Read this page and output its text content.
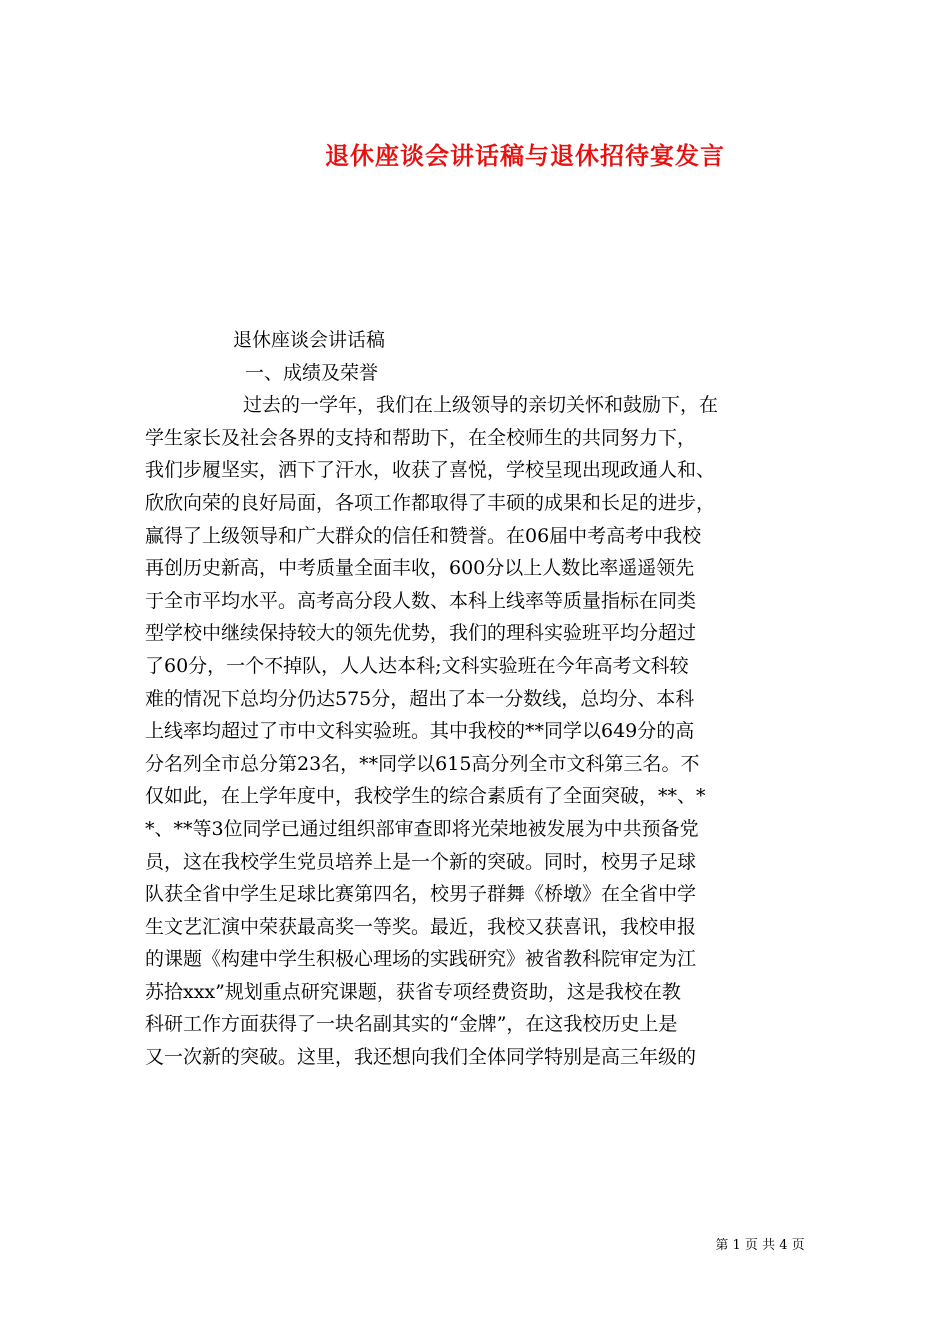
退休座谈会讲话稿与退休招待宴发言
退休座谈会讲话稿
一、成绩及荣誉
过去的一学年，我们在上级领导的亲切关怀和鼓励下，在
学生家长及社会各界的支持和帮助下，在全校师生的共同努力下，
我们步履坚实，洒下了汗水，收获了喜悦，学校呈现出现政通人和、
欣欣向荣的良好局面，各项工作都取得了丰硕的成果和长足的进步，
赢得了上级领导和广大群众的信任和赞誉。在06届中考高考中我校
再创历史新高，中考质量全面丰收，600分以上人数比率遥遥领先
于全市平均水平。高考高分段人数、本科上线率等质量指标在同类
型学校中继续保持较大的领先优势，我们的理科实验班平均分超过
了60分，一个不掉队，人人达本科;文科实验班在今年高考文科较
难的情况下总均分仍达575分，超出了本一分数线，总均分、本科
上线率均超过了市中文科实验班。其中我校的**同学以649分的高
分名列全市总分第23名，**同学以615高分列全市文科第三名。不
仅如此，在上学年度中，我校学生的综合素质有了全面突破，**、*
*、**等3位同学已通过组织部审查即将光荣地被发展为中共预备党
员，这在我校学生党员培养上是一个新的突破。同时，校男子足球
队获全省中学生足球比赛第四名，校男子群舞《桥墩》在全省中学
生文艺汇演中荣获最高奖一等奖。最近，我校又获喜讯，我校申报
的课题《构建中学生积极心理场的实践研究》被省教科院审定为江
苏拾xxx”规划重点研究课题，获省专项经费资助，这是我校在教
科研工作方面获得了一块名副其实的“金牌”，在这我校历史上是
又一次新的突破。这里，我还想向我们全体同学特别是高三年级的
第 1 页 共 4 页
